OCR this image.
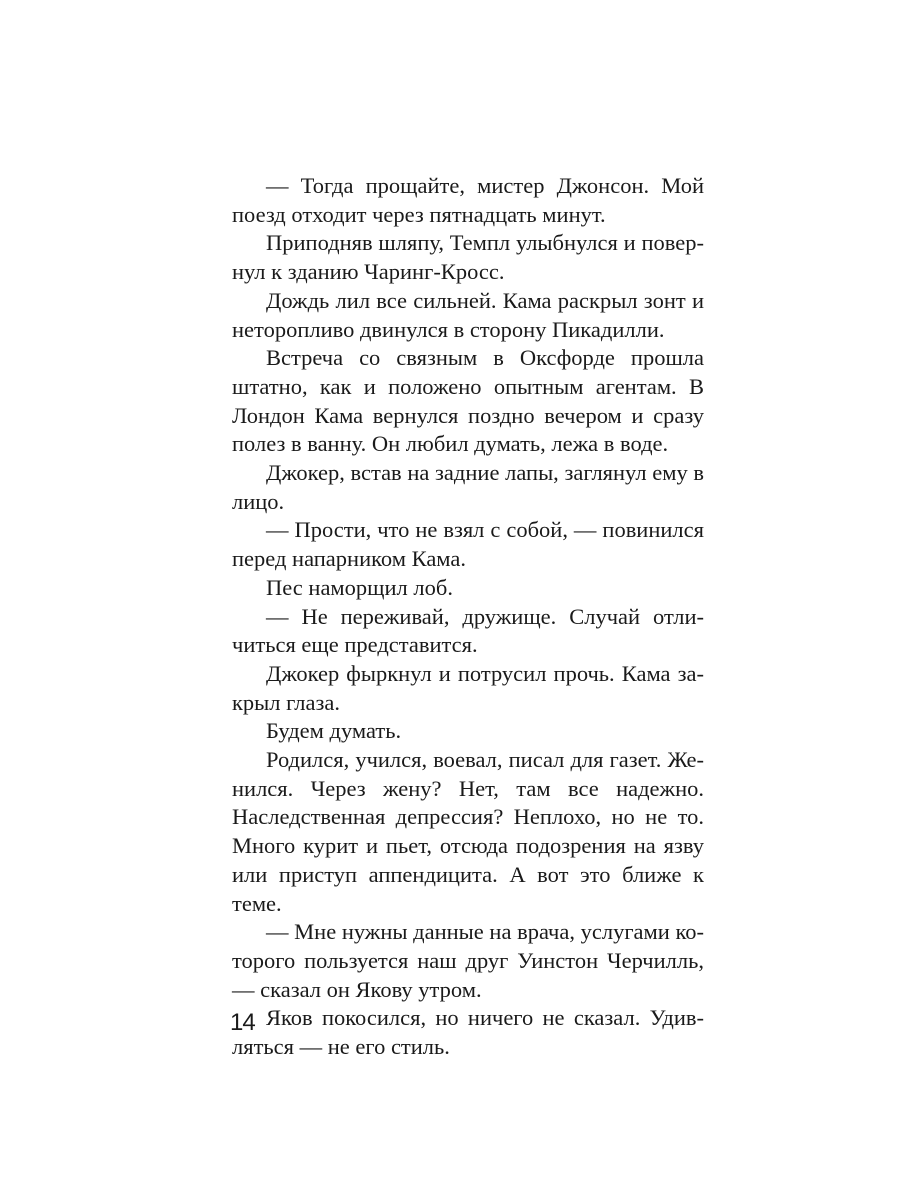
— Тогда прощайте, мистер Джонсон. Мой поезд отходит через пятнадцать минут.

Приподняв шляпу, Темпл улыбнулся и повернул к зданию Чаринг-Кросс.

Дождь лил все сильней. Кама раскрыл зонт и неторопливо двинулся в сторону Пикадилли.

Встреча со связным в Оксфорде прошла штатно, как и положено опытным агентам. В Лондон Кама вернулся поздно вечером и сразу полез в ванну. Он любил думать, лежа в воде.

Джокер, встав на задние лапы, заглянул ему в лицо.

— Прости, что не взял с собой, — повинился перед напарником Кама.

Пес наморщил лоб.

— Не переживай, дружище. Случай отличиться еще представится.

Джокер фыркнул и потрусил прочь. Кама закрыл глаза.

Будем думать.

Родился, учился, воевал, писал для газет. Женился. Через жену? Нет, там все надежно. Наследственная депрессия? Неплохо, но не то. Много курит и пьет, отсюда подозрения на язву или приступ аппендицита. А вот это ближе к теме.

— Мне нужны данные на врача, услугами которого пользуется наш друг Уинстон Черчилль, — сказал он Якову утром.

Яков покосился, но ничего не сказал. Удивляться — не его стиль.

14
